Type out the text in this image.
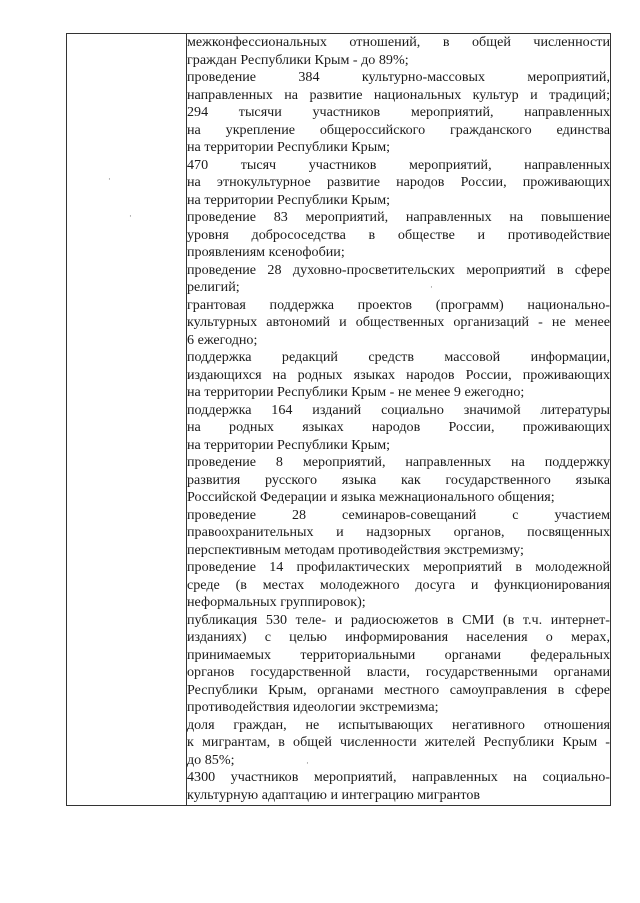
межконфессиональных отношений, в общей численности
граждан Республики Крым - до 89%;
проведение 384 культурно-массовых мероприятий,
направленных на развитие национальных культур и традиций;
294 тысячи участников мероприятий, направленных
на укрепление общероссийского гражданского единства
на территории Республики Крым;
470 тысяч участников мероприятий, направленных
на этнокультурное развитие народов России, проживающих
на территории Республики Крым;
проведение 83 мероприятий, направленных на повышение
уровня добрососедства в обществе и противодействие
проявлениям ксенофобии;
проведение 28 духовно-просветительских мероприятий в сфере
религий;
грантовая поддержка проектов (программ) национально-
культурных автономий и общественных организаций - не менее
6 ежегодно;
поддержка редакций средств массовой информации,
издающихся на родных языках народов России, проживающих
на территории Республики Крым - не менее 9 ежегодно;
поддержка 164 изданий социально значимой литературы
на родных языках народов России, проживающих
на территории Республики Крым;
проведение 8 мероприятий, направленных на поддержку
развития русского языка как государственного языка
Российской Федерации и языка межнационального общения;
проведение 28 семинаров-совещаний с участием
правоохранительных и надзорных органов, посвященных
перспективным методам противодействия экстремизму;
проведение 14 профилактических мероприятий в молодежной
среде (в местах молодежного досуга и функционирования
неформальных группировок);
публикация 530 теле- и радиосюжетов в СМИ (в т.ч. интернет-
изданиях) с целью информирования населения о мерах,
принимаемых территориальными органами федеральных
органов государственной власти, государственными органами
Республики Крым, органами местного самоуправления в сфере
противодействия идеологии экстремизма;
доля граждан, не испытывающих негативного отношения
к мигрантам, в общей численности жителей Республики Крым -
до 85%;
4300 участников мероприятий, направленных на социально-
культурную адаптацию и интеграцию мигрантов
·
·
·
·
